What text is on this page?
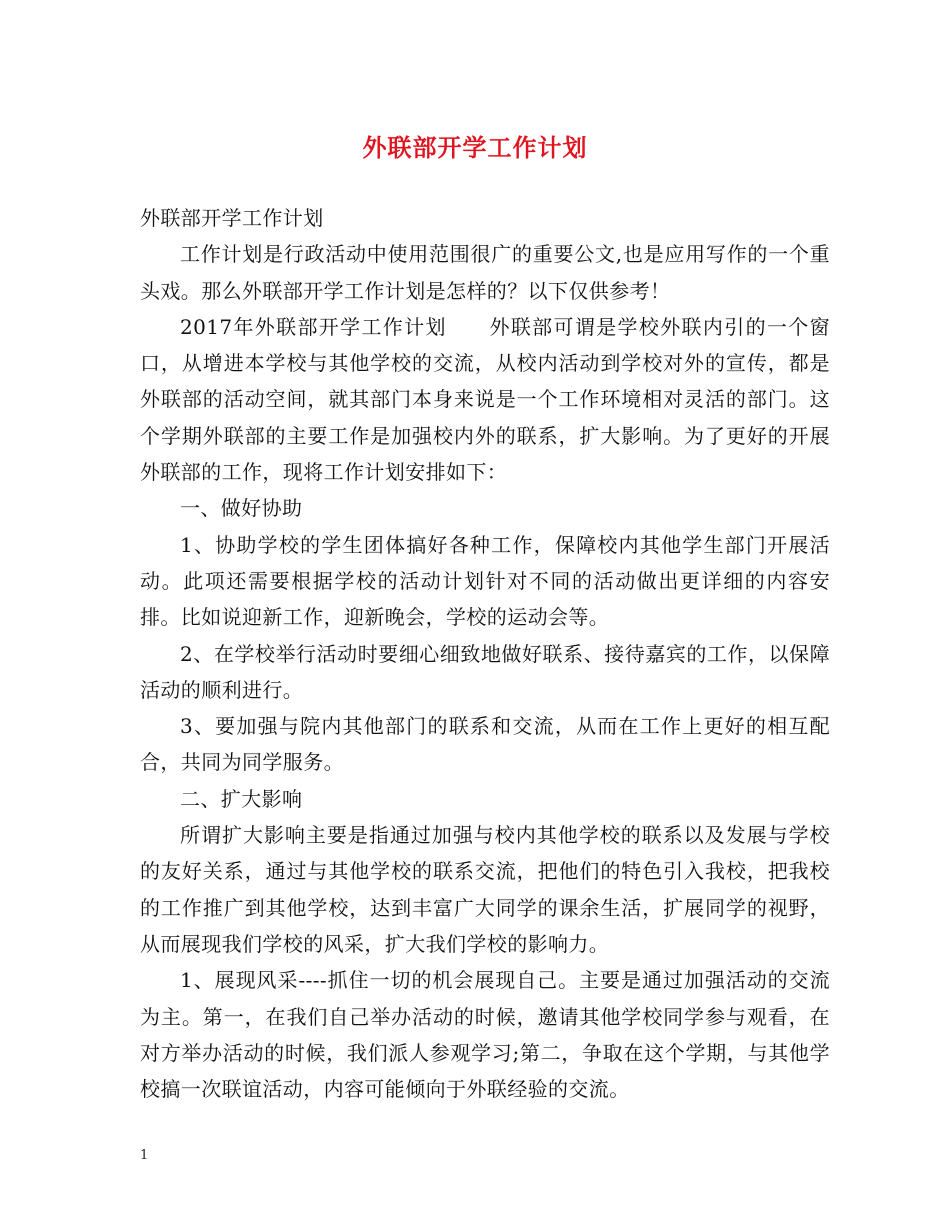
外联部开学工作计划

外联部开学工作计划

工作计划是行政活动中使用范围很广的重要公文,也是应用写作的一个重头戏。那么外联部开学工作计划是怎样的？以下仅供参考！

2017年外联部开学工作计划　　外联部可谓是学校外联内引的一个窗口，从增进本学校与其他学校的交流，从校内活动到学校对外的宣传，都是外联部的活动空间，就其部门本身来说是一个工作环境相对灵活的部门。这个学期外联部的主要工作是加强校内外的联系，扩大影响。为了更好的开展外联部的工作，现将工作计划安排如下：

一、做好协助

1、协助学校的学生团体搞好各种工作，保障校内其他学生部门开展活动。此项还需要根据学校的活动计划针对不同的活动做出更详细的内容安排。比如说迎新工作，迎新晚会，学校的运动会等。

2、在学校举行活动时要细心细致地做好联系、接待嘉宾的工作，以保障活动的顺利进行。

3、要加强与院内其他部门的联系和交流，从而在工作上更好的相互配合，共同为同学服务。

二、扩大影响

所谓扩大影响主要是指通过加强与校内其他学校的联系以及发展与学校的友好关系，通过与其他学校的联系交流，把他们的特色引入我校，把我校的工作推广到其他学校，达到丰富广大同学的课余生活，扩展同学的视野，从而展现我们学校的风采，扩大我们学校的影响力。

1、展现风采----抓住一切的机会展现自己。主要是通过加强活动的交流为主。第一，在我们自己举办活动的时候，邀请其他学校同学参与观看，在对方举办活动的时候，我们派人参观学习;第二，争取在这个学期，与其他学校搞一次联谊活动，内容可能倾向于外联经验的交流。

1
